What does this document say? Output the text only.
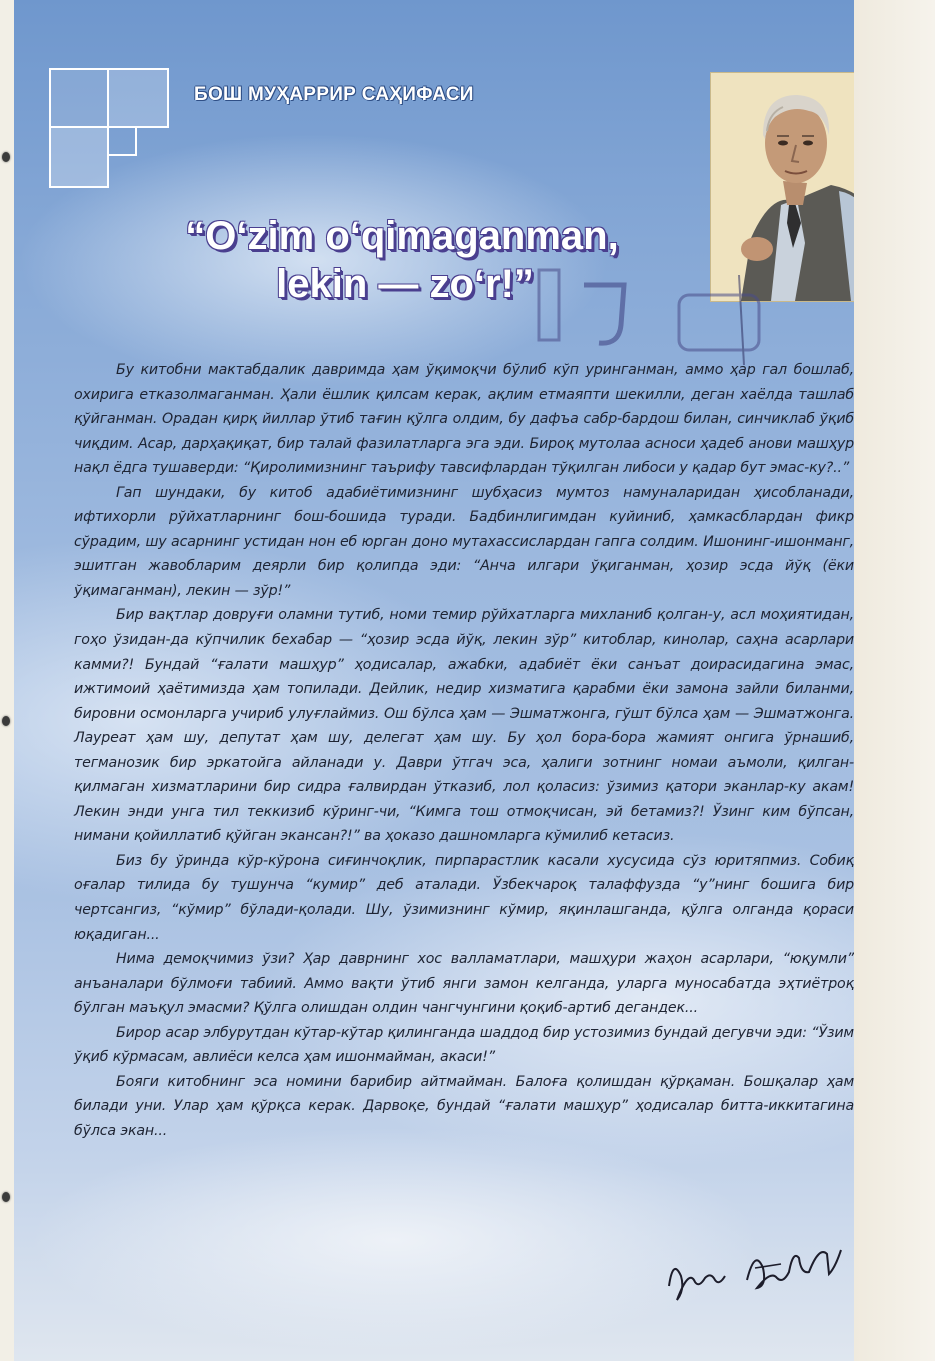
БОШ МУҲАРРИР САҲИФАСИ
“O‘zim o‘qimaganman,
lekin — zo‘r!”

Бу китобни мактабдалик давримда ҳам ўқимоқчи бўлиб кўп уринганман, аммо ҳар гал бошлаб, охирига етказолмаганман. Ҳали ёшлик қилсам керак, ақлим етмаяпти шекилли, деган хаёлда ташлаб қўйганман. Орадан қирқ йиллар ўтиб тағин қўлга олдим, бу дафъа сабр-бардош билан, синчиклаб ўқиб чиқдим. Асар, дарҳақиқат, бир талай фазилатларга эга эди. Бироқ мутолаа асноси ҳадеб анови машҳур нақл ёдга тушаверди: “Қиролимизнинг таърифу тавсифлардан тўқилган либоси у қадар бут эмас-ку?..”

Гап шундаки, бу китоб адабиётимизнинг шубҳасиз мумтоз намуналаридан ҳисобланади, ифтихорли рўйхатларнинг бош-бошида туради. Бадбинлигимдан куйиниб, ҳамкасблардан фикр сўрадим, шу асарнинг устидан нон еб юрган доно мутахассислардан гапга солдим. Ишонинг-ишонманг, эшитган жавобларим деярли бир қолипда эди: “Анча илгари ўқиганман, ҳозир эсда йўқ (ёки ўқимаганман), лекин — зўр!”

Бир вақтлар довруғи оламни тутиб, номи темир рўйхатларга михланиб қолган-у, асл моҳиятидан, гоҳо ўзидан-да кўпчилик бехабар — “ҳозир эсда йўқ, лекин зўр” китоблар, кинолар, саҳна асарлари камми?! Бундай “ғалати машҳур” ҳодисалар, ажабки, адабиёт ёки санъат доирасидагина эмас, ижтимоий ҳаётимизда ҳам топилади. Дейлик, недир хизматига қарабми ёки замона зайли биланми, бировни осмонларга учириб улуғлаймиз. Ош бўлса ҳам — Эшматжонга, гўшт бўлса ҳам — Эшматжонга. Лауреат ҳам шу, депутат ҳам шу, делегат ҳам шу. Бу ҳол бора-бора жамият онгига ўрнашиб, тегманозик бир эркатойга айланади у. Даври ўтгач эса, ҳалиги зотнинг номаи аъмоли, қилган-қилмаган хизматларини бир сидра ғалвирдан ўтказиб, лол қоласиз: ўзимиз қатори эканлар-ку акам! Лекин энди унга тил теккизиб кўринг-чи, “Кимга тош отмоқчисан, эй бетамиз?! Ўзинг ким бўпсан, нимани қойиллатиб қўйган экансан?!” ва ҳоказо дашномларга кўмилиб кетасиз.

Биз бу ўринда кўр-кўрона сиғинчоқлик, пирпарастлик касали хусусида сўз юритяпмиз. Собиқ оғалар тилида бу тушунча “кумир” деб аталади. Ўзбекчароқ талаффузда “у”нинг бошига бир чертсангиз, “кўмир” бўлади-қолади. Шу, ўзимизнинг кўмир, яқинлашганда, қўлга олганда қораси юқадиган...

Нима демоқчимиз ўзи? Ҳар даврнинг хос валламатлари, машҳури жаҳон асарлари, “юқумли” анъаналари бўлмоғи табиий. Аммо вақти ўтиб янги замон келганда, уларга муносабатда эҳтиётроқ бўлган маъқул эмасми? Қўлга олишдан олдин чангчунгини қоқиб-артиб дегандек...

Бирор асар элбурутдан кўтар-кўтар қилинганда шаддод бир устозимиз бундай дегувчи эди: “Ўзим ўқиб кўрмасам, авлиёси келса ҳам ишонмайман, акаси!”

Бояги китобнинг эса номини барибир айтмайман. Балоға қолишдан қўрқаман. Бошқалар ҳам билади уни. Улар ҳам қўрқса керак. Дарвоқе, бундай “ғалати машҳур” ҳодисалар битта-иккитагина бўлса экан...
